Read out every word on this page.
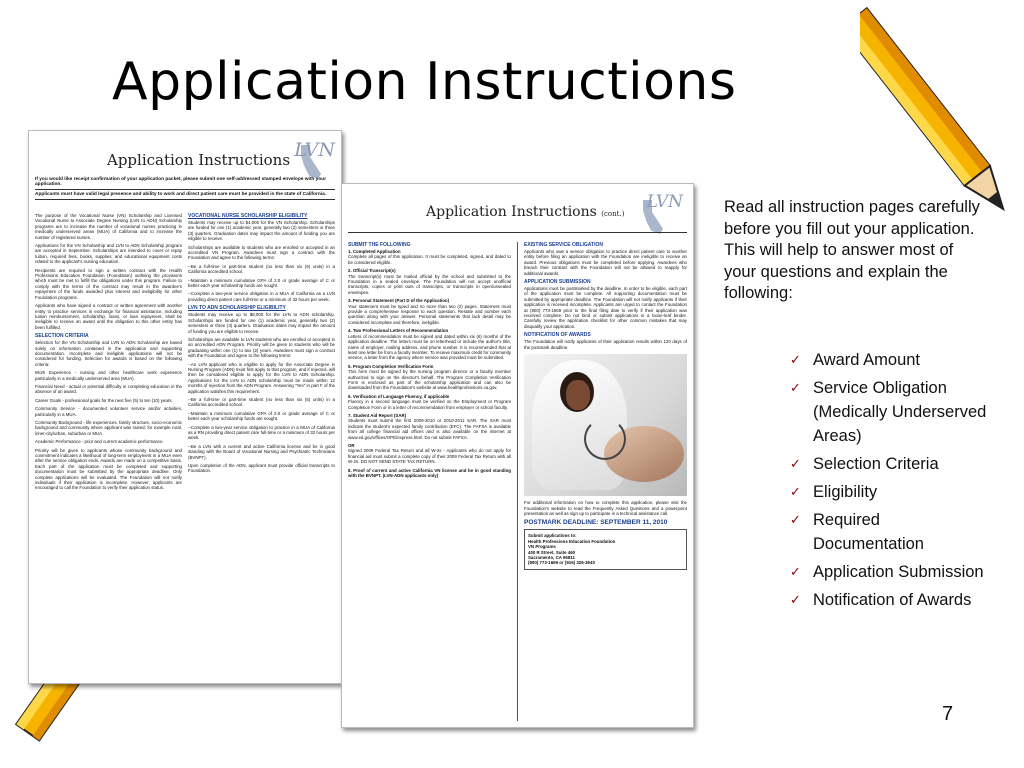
Application Instructions
LVN
Application Instructions
If you would like receipt confirmation of your application packet, please submit one self-addressed stamped envelope with your application.
Applicants must have valid legal presence and ability to work and direct patient care must be provided in the state of California.

The purpose of the Vocational Nurse (VN) Scholarship and Licensed Vocational Nurse to Associate Degree Nursing (LVN to ADN) Scholarship programs are to increase the number of vocational nurses practicing in medically underserved areas (MUA) of California and to increase the number of registered nurses.

Applications for the VN Scholarship and LVN to ADN Scholarship program are accepted in September. Scholarships are intended to cover or repay tuition, required fees, books, supplies, and educational equipment costs related to the applicant's nursing education.

Recipients are required to sign a written contract with the Health Professions Education Foundation (Foundation) outlining the provisions which must be met to fulfill the obligations under this program. Failure to comply with the terms of the contract may result in the awardee's repayment of the funds awarded plus interest and ineligibility for other Foundation programs.

Applicants who have signed a contract or written agreement with another entity to practice services in exchange for financial assistance, including tuition reimbursement, scholarship, loans, or loan repayment, shall be ineligible to receive an award until the obligation to this other entity has been fulfilled.

SELECTION CRITERIA

Selection for the VN Scholarship and LVN to ADN Scholarship are based solely on information contained in the application and supporting documentation. Incomplete and ineligible applications will not be considered for funding. Selection for awards is based on the following criteria:

Work Experience - nursing and other healthcare work experience particularly in a medically underserved area (MUA).

Financial Need - actual or potential difficulty in completing education in the absence of an award.

Career Goals - professional goals for the next five (5) to ten (10) years.

Community Service - documented volunteer service and/or activities, particularly in a MUA.

Community Background - life experiences, family structure, socio-economic background and community where applicant was raised; for example rural, inner-city/urban, suburban or MUA.

Academic Performance - prior and current academic performance.

Priority will be given to applicants whose community background and commitment indicates a likelihood of long-term employment in a MUA even after the service obligation ends. Awards are made on a competitive basis. Each part of the application must be completed and supporting documentation must be submitted by the appropriate deadline. Only complete applications will be evaluated. The Foundation will not notify individuals if their application is incomplete. However, applicants are encouraged to call the Foundation to verify their application status.

VOCATIONAL NURSE SCHOLARSHIP ELIGIBILITY

Students may receive up to $4,000 for the VN Scholarship. Scholarships are funded for one (1) academic year, generally two (2) semesters or three (3) quarters. Graduation dates may impact the amount of funding you are eligible to receive.

Scholarships are available to students who are enrolled or accepted in an accredited VN Program. Awardees must sign a contract with the Foundation and agree to the following terms:

--Be a full-time or part-time student (no less than six (6) units) in a California accredited school.

--Maintain a minimum cumulative GPA of 2.0 or grade average of C or better each year scholarship funds are sought.

--Complete a two-year service obligation in a MUA of California as a LVN providing direct patient care full-time or a minimum of 32 hours per week.

LVN TO ADN SCHOLARSHIP ELIGIBILITY

Students may receive up to $8,000 for the LVN to ADN scholarship. Scholarships are funded for one (1) academic year, generally two (2) semesters or three (3) quarters. Graduation dates may impact the amount of funding you are eligible to receive.

Scholarships are available to LVN students who are enrolled or accepted in an accredited ADN Program. Priority will be given to students who will be graduating within one (1) to two (2) years. Awardees must sign a contract with the Foundation and agree to the following terms:

--An LVN applicant who is eligible to apply for the Associate Degree in Nursing Program (ADN) must first apply to that program, and if rejected, will then be considered eligible to apply for the LVN to ADN Scholarship. Applications for the LVN to ADN scholarship must be made within 12 months of rejection from the ADN Program. Answering "Yes" in part F of the application satisfies this requirement.

--Be a full-time or part-time student (no less than six (6) units) in a California accredited school.

--Maintain a minimum cumulative GPA of 2.0 or grade average of C or better each year scholarship funds are sought.

--Complete a two-year service obligation to practice in a MUA of California as a RN providing direct patient care full-time or a minimum of 32 hours per week.

--Be a LVN with a current and active California license and be in good standing with the Board of Vocational Nursing and Psychiatric Technicians (BVNPT).

Upon completion of the ADN, applicant must provide official transcripts to Foundation.

LVN
Application Instructions (cont.)
SUBMIT THE FOLLOWING
1. Completed Application

Complete all pages of this application. It must be completed, signed, and dated to be considered eligible.

2. Official Transcript(s)

The transcript(s) must be mailed official by the school and submitted to the Foundation in a sealed envelope. The Foundation will not accept unofficial transcripts, copies or print outs of transcripts, or transcripts in open/unsealed envelopes.

3. Personal Statement (Part D of the Application)

Your statement must be typed and no more than two (2) pages. Statement must provide a comprehensive response to each question. Restate and number each question along with your answer. Personal statements that lack detail may be considered incomplete and therefore, ineligible.

4. Two Professional Letters of Recommendation

Letters of recommendation must be signed and dated within six (6) months of the application deadline. The letters must be on letterhead or include the author's title, name of employer, mailing address, and phone number. It is recommended that at least one letter be from a faculty member. To receive maximum credit for community service, a letter from the agency where service was provided must be submitted.

5. Program Completion Verification Form

This form must be signed by the nursing program director or a faculty member authorized to sign on the director's behalf. The Program Completion Verification Form is enclosed as part of the scholarship application and can also be downloaded from the Foundation's website at www.healthprofessions.ca.gov.

6. Verification of Language Fluency, if applicable

Fluency in a second language must be verified on the Employment or Program Completion Form or in a letter of recommendation from employer or school faculty.

7. Student Aid Report (SAR)

Students must submit the first 2009-2010 or 2010-2011 SAR. The SAR must indicate the student's expected family contribution (EFC). The FAFSA is available from all college financial aid offices and is also available on the internet at www.ed.gov/offices/OPE/express.html. Do not submit FAFSA.

OR

Signed 2009 Federal Tax Return and all W-2s - Applicants who do not apply for financial aid must submit a complete copy of their 2009 Federal Tax Return with all W-2s. DO NOT SEND STATE TAX RETURN.

8. Proof of current and active California VN license and be in good standing with the BVNPT. (LVN-ADN applicants only)

EXISTING SERVICE OBLIGATION

Applicants who owe a service obligation to practice direct patient care to another entity before filing an application with the Foundation are ineligible to receive an award. Previous obligations must be completed before applying. Awardees who breach their contract with the Foundation will not be allowed to reapply for additional awards.

APPLICATION SUBMISSION

Applications must be postmarked by the deadline. In order to be eligible, each part of the application must be complete. All supporting documentation must be submitted by appropriate deadline. The Foundation will not notify applicants if their application is received incomplete. Applicants are urged to contact the Foundation at (800) 773-1669 prior to the final filing date to verify if their application was received complete. Do not bind or submit applications in a loose-leaf binder. Carefully review the application checklist for other common mistakes that may disqualify your application.

NOTIFICATION OF AWARDS

The Foundation will notify applicants of their application results within 120 days of the postmark deadline.

For additional information on how to complete this application, please visit the Foundation's website to read the Frequently Asked Questions and a powerpoint presentation as well as sign up to participate in a technical assistance call.

POSTMARK DEADLINE: SEPTEMBER 11, 2010
Submit applications to:
Health Professions Education Foundation
VN Programs
400 R Street, Suite 460
Sacramento, CA 95811
(800) 773-1669 or (916) 326-3640
Read all instruction pages carefully before you fill out your application. This will help to answer most of your questions and explain the following:
✓ Award Amount
✓ Service Obligation (Medically Underserved Areas)
✓ Selection Criteria
✓ Eligibility
✓ Required Documentation
✓ Application Submission
✓ Notification of Awards
7
